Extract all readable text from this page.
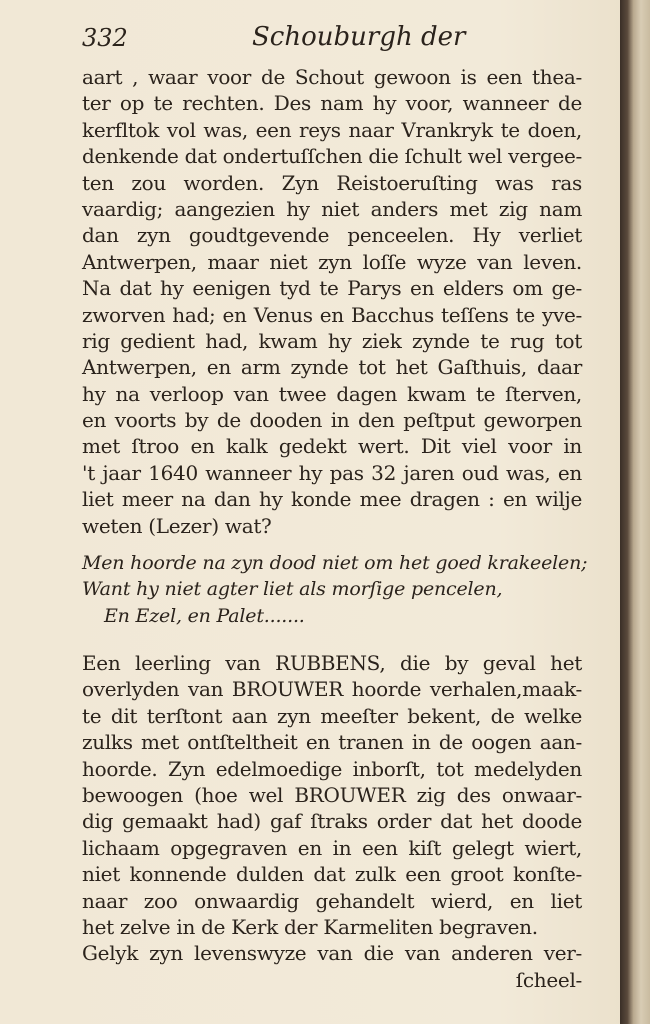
332	Schouburgh der
aart , waar voor de Schout gewoon is een thea-
ter op te rechten. Des nam hy voor, wanneer de
kerfltok vol was, een reys naar Vrankryk te doen,
denkende dat ondertuſſchen die ſchult wel vergee-
ten zou worden. Zyn Reistoeruſting was ras
vaardig; aangezien hy niet anders met zig nam
dan zyn goudtgevende penceelen. Hy verliet
Antwerpen, maar niet zyn loſſe wyze van leven.
Na dat hy eenigen tyd te Parys en elders om ge-
zworven had; en Venus en Bacchus teſſens te yve-
rig gedient had, kwam hy ziek zynde te rug tot
Antwerpen, en arm zynde tot het Gaſthuis, daar
hy na verloop van twee dagen kwam te ſterven,
en voorts by de dooden in den peſtput geworpen
met ſtroo en kalk gedekt wert. Dit viel voor in
't jaar 1640 wanneer hy pas 32 jaren oud was, en
liet meer na dan hy konde mee dragen : en wilje
weten (Lezer) wat?
Men hoorde na zyn dood niet om het goed krakeelen;
Want hy niet agter liet als morſige pencelen,
En Ezel, en Palet.......
Een leerling van RUBBENS, die by geval het
overlyden van BROUWER hoorde verhalen,maak-
te dit terſtont aan zyn meeſter bekent, de welke
zulks met ontſteltheit en tranen in de oogen aan-
hoorde. Zyn edelmoedige inborſt, tot medelyden
bewoogen (hoe wel BROUWER zig des onwaar-
dig gemaakt had) gaf ſtraks order dat het doode
lichaam opgegraven en in een kiſt gelegt wiert,
niet konnende dulden dat zulk een groot konſte-
naar zoo onwaardig gehandelt wierd, en liet
het zelve in de Kerk der Karmeliten begraven.
Gelyk zyn levenswyze van die van anderen ver-
ſcheel-
